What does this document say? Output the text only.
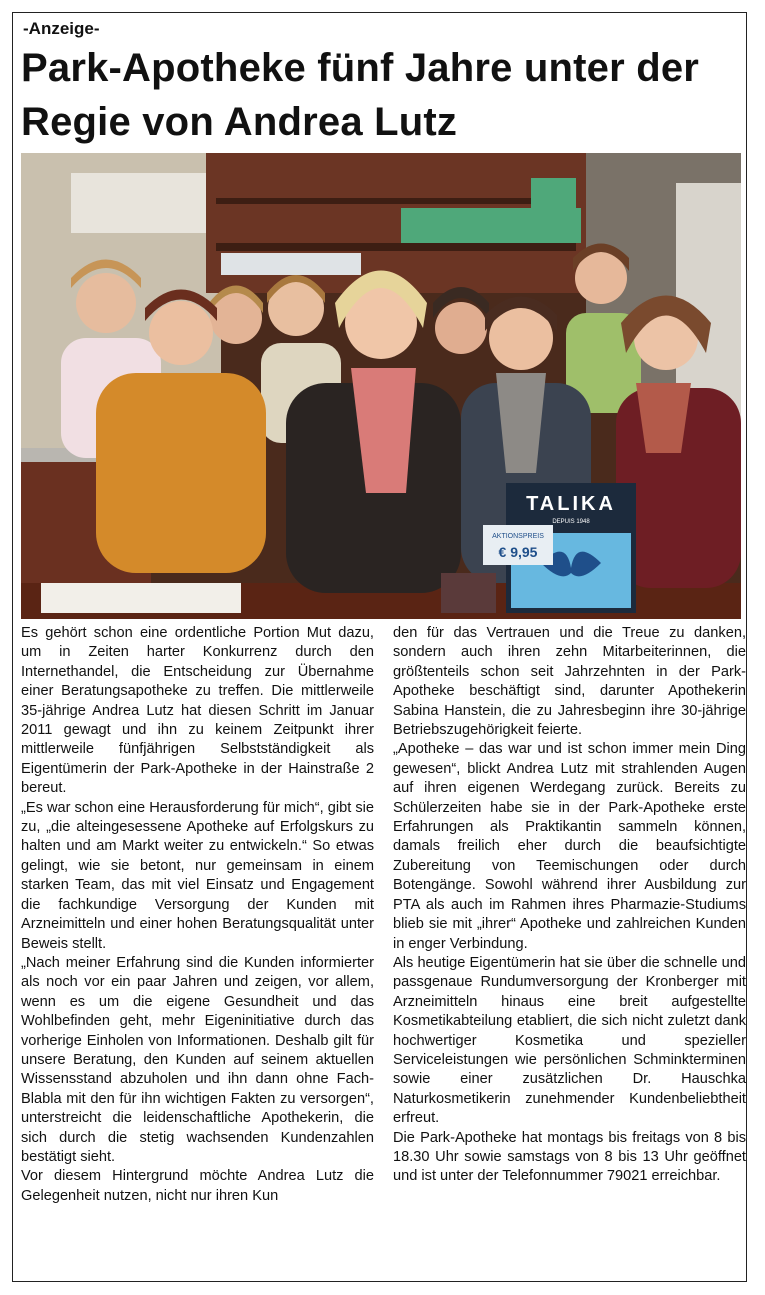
-Anzeige-
Park-Apotheke fünf Jahre unter der Regie von Andrea Lutz
AKTIONSPREIS
€ 9,95
TALIKA
DEPUIS 1948

Es gehört schon eine ordentliche Portion Mut dazu, um in Zeiten harter Konkurrenz durch den Internethandel, die Entscheidung zur Übernahme einer Beratungsapotheke zu treffen. Die mittlerweile 35-jährige Andrea Lutz hat diesen Schritt im Januar 2011 gewagt und ihn zu keinem Zeitpunkt ihrer mittlerweile fünfjährigen Selbstständigkeit als Eigentümerin der Park-Apotheke in der Hainstraße 2 bereut.

„Es war schon eine Herausforderung für mich“, gibt sie zu, „die alteingesessene Apotheke auf Erfolgskurs zu halten und am Markt weiter zu entwickeln.“ So etwas gelingt, wie sie betont, nur gemeinsam in einem starken Team, das mit viel Einsatz und Engagement die fachkundige Versorgung der Kunden mit Arzneimitteln und einer hohen Beratungsqualität unter Beweis stellt.

„Nach meiner Erfahrung sind die Kunden informierter als noch vor ein paar Jahren und zeigen, vor allem, wenn es um die eigene Gesundheit und das Wohlbefinden geht, mehr Eigeninitiative durch das vorherige Einholen von Informationen. Deshalb gilt für unsere Beratung, den Kunden auf seinem aktuellen Wissensstand abzuholen und ihn dann ohne Fach-Blabla mit den für ihn wichtigen Fakten zu versorgen“, unterstreicht die leidenschaftliche Apothekerin, die sich durch die stetig wachsenden Kundenzahlen bestätigt sieht.

Vor diesem Hintergrund möchte Andrea Lutz die Gelegenheit nutzen, nicht nur ihren Kun

den für das Vertrauen und die Treue zu danken, sondern auch ihren zehn Mitarbeiterinnen, die größtenteils schon seit Jahrzehnten in der Park-Apotheke beschäftigt sind, darunter Apothekerin Sabina Hanstein, die zu Jahresbeginn ihre 30-jährige Betriebszugehörigkeit feierte.

„Apotheke – das war und ist schon immer mein Ding gewesen“, blickt Andrea Lutz mit strahlenden Augen auf ihren eigenen Werdegang zurück. Bereits zu Schülerzeiten habe sie in der Park-Apotheke erste Erfahrungen als Praktikantin sammeln können, damals freilich eher durch die beaufsichtigte Zubereitung von Teemischungen oder durch Botengänge. Sowohl während ihrer Ausbildung zur PTA als auch im Rahmen ihres Pharmazie-Studiums blieb sie mit „ihrer“ Apotheke und zahlreichen Kunden in enger Verbindung.

Als heutige Eigentümerin hat sie über die schnelle und passgenaue Rundumversorgung der Kronberger mit Arzneimitteln hinaus eine breit aufgestellte Kosmetikabteilung etabliert, die sich nicht zuletzt dank hochwertiger Kosmetika und spezieller Serviceleistungen wie persönlichen Schminkterminen sowie einer zusätzlichen Dr. Hauschka Naturkosmetikerin zunehmender Kundenbeliebtheit erfreut.

Die Park-Apotheke hat montags bis freitags von 8 bis 18.30 Uhr sowie samstags von 8 bis 13 Uhr geöffnet und ist unter der Telefonnummer 79021 erreichbar.
